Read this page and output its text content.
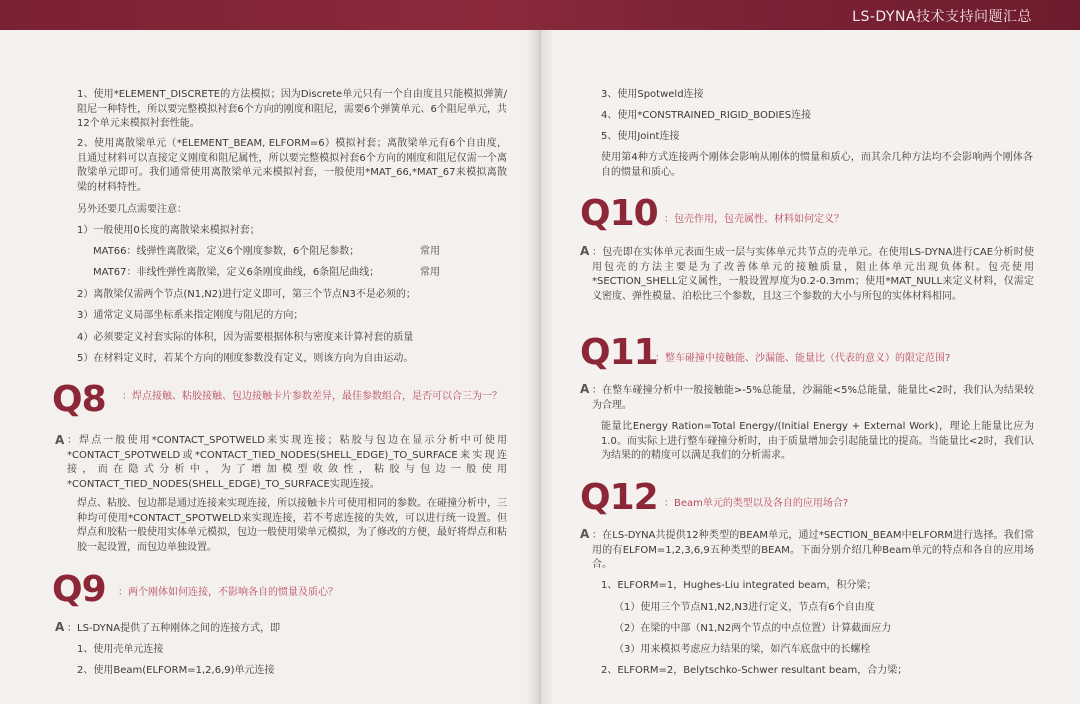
LS-DYNA技术支持问题汇总
1、使用*ELEMENT_DISCRETE的方法模拟；因为Discrete单元只有一个自由度且只能模拟弹簧/阻尼一种特性，所以要完整模拟衬套6个方向的刚度和阻尼，需要6个弹簧单元、6个阻尼单元，共12个单元来模拟衬套性能。
2、使用离散梁单元（*ELEMENT_BEAM, ELFORM=6）模拟衬套；离散梁单元有6个自由度，且通过材料可以直接定义刚度和阻尼属性，所以要完整模拟衬套6个方向的刚度和阻尼仅需一个离散梁单元即可。我们通常使用离散梁单元来模拟衬套，一般使用*MAT_66,*MAT_67来模拟离散梁的材料特性。
另外还要几点需要注意：
1）一般使用0长度的离散梁来模拟衬套；
MAT66：线弹性离散梁，定义6个刚度参数，6个阻尼参数；	常用
MAT67：非线性弹性离散梁，定义6条刚度曲线，6条阻尼曲线；	常用
2）离散梁仅需两个节点(N1,N2)进行定义即可，第三个节点N3不是必须的；
3）通常定义局部坐标系来指定刚度与阻尼的方向；
4）必须要定义衬套实际的体积，因为需要根据体积与密度来计算衬套的质量
5）在材料定义时，若某个方向的刚度参数没有定义，则该方向为自由运动。
Q8 ：焊点接触、粘胶接触、包边接触卡片参数差异，最佳参数组合，是否可以合三为一？
A ：焊点一般使用*CONTACT_SPOTWELD来实现连接；粘胶与包边在显示分析中可使用*CONTACT_SPOTWELD或*CONTACT_TIED_NODES(SHELL_EDGE)_TO_SURFACE来实现连接，而在隐式分析中，为了增加模型收敛性，粘胶与包边一般使用*CONTACT_TIED_NODES(SHELL_EDGE)_TO_SURFACE实现连接。
焊点、粘胶、包边都是通过连接来实现连接，所以接触卡片可使用相同的参数。在碰撞分析中，三种均可使用*CONTACT_SPOTWELD来实现连接，若不考虑连接的失效，可以进行统一设置。但焊点和胶粘一般使用实体单元模拟，包边一般使用梁单元模拟，为了修改的方便，最好将焊点和粘胶一起设置，而包边单独设置。
Q9 ：两个刚体如何连接，不影响各自的惯量及质心？
A ：LS-DYNA提供了五种刚体之间的连接方式，即
1、使用壳单元连接
2、使用Beam(ELFORM=1,2,6,9)单元连接
3、使用Spotweld连接
4、使用*CONSTRAINED_RIGID_BODIES连接
5、使用Joint连接
使用第4种方式连接两个刚体会影响从刚体的惯量和质心，而其余几种方法均不会影响两个刚体各自的惯量和质心。
Q10 ：包壳作用，包壳属性、材料如何定义？
A ：包壳即在实体单元表面生成一层与实体单元共节点的壳单元。在使用LS-DYNA进行CAE分析时使用包壳的方法主要是为了改善体单元的接触质量，阻止体单元出现负体积。包壳使用*SECTION_SHELL定义属性，一般设置厚度为0.2-0.3mm；使用*MAT_NULL来定义材料，仅需定义密度、弹性模量、泊松比三个参数，且这三个参数的大小与所包的实体材料相同。
Q11
：整车碰撞中接触能、沙漏能、能量比（代表的意义）的限定范围?
A ：在整车碰撞分析中一般接触能>-5%总能量，沙漏能<5%总能量，能量比<2时，我们认为结果较为合理。
能量比Energy Ration=Total Energy/(Initial Energy + External Work)，理论上能量比应为1.0。而实际上进行整车碰撞分析时，由于质量增加会引起能量比的提高。当能量比<2时，我们认为结果的的精度可以满足我们的分析需求。
Q12 ：Beam单元的类型以及各自的应用场合?
A ：在LS-DYNA共提供12种类型的BEAM单元，通过*SECTION_BEAM中ELFORM进行选择。我们常用的有ELFOM=1,2,3,6,9五种类型的BEAM。下面分别介绍几种Beam单元的特点和各自的应用场合。
1、ELFORM=1，Hughes-Liu integrated beam，积分梁；
（1）使用三个节点N1,N2,N3进行定义，节点有6个自由度
（2）在梁的中部（N1,N2两个节点的中点位置）计算截面应力
（3）用来模拟考虑应力结果的梁，如汽车底盘中的长螺栓
2、ELFORM=2，Belytschko-Schwer resultant beam，合力梁；
